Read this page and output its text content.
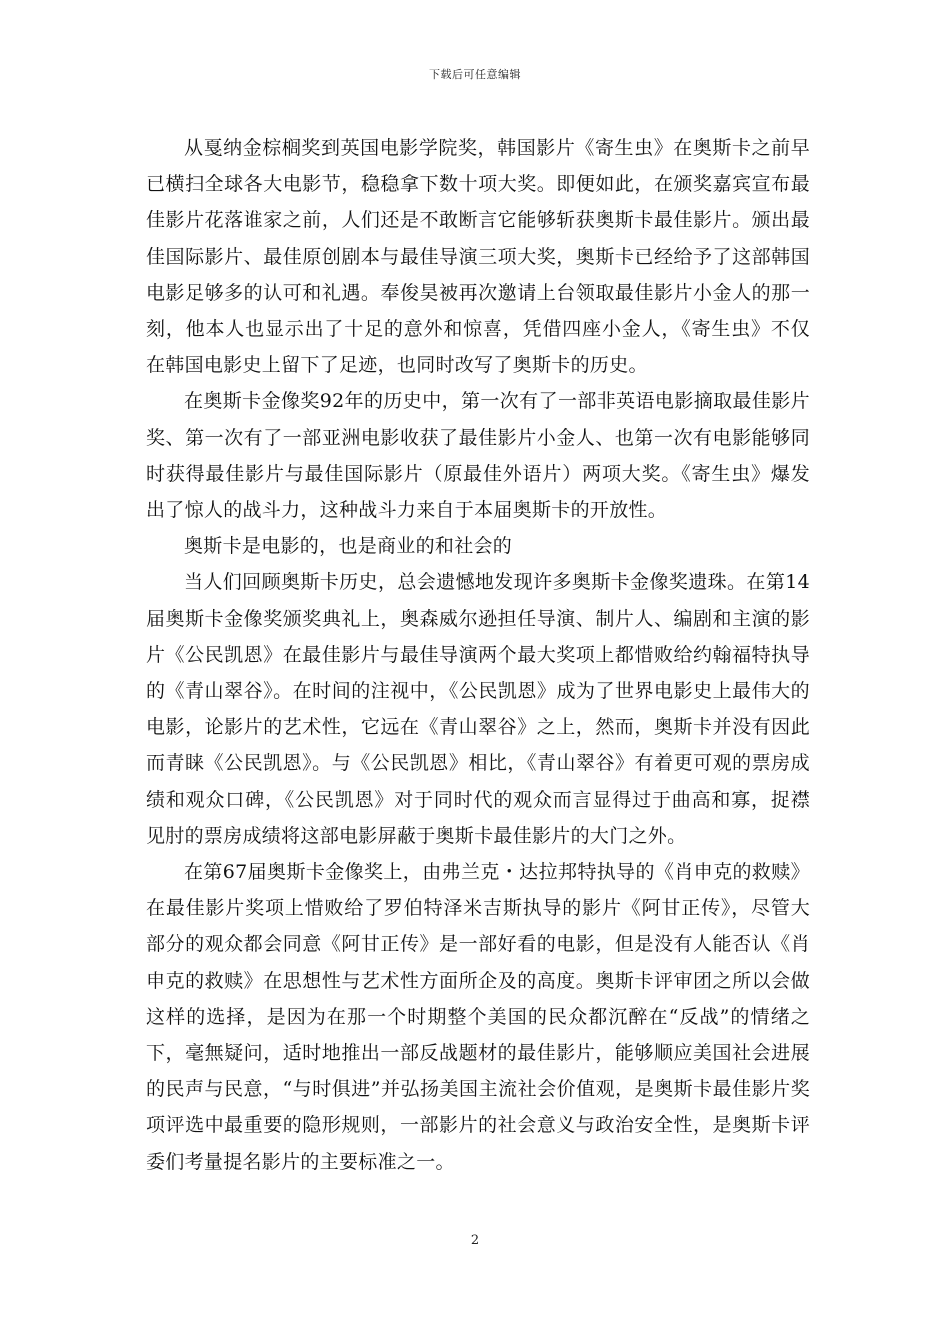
下载后可任意编辑

从戛纳金棕榈奖到英国电影学院奖，韩国影片《寄生虫》在奥斯卡之前早已横扫全球各大电影节，稳稳拿下数十项大奖。即便如此，在颁奖嘉宾宣布最佳影片花落谁家之前，人们还是不敢断言它能够斩获奥斯卡最佳影片。颁出最佳国际影片、最佳原创剧本与最佳导演三项大奖，奥斯卡已经给予了这部韩国电影足够多的认可和礼遇。奉俊昊被再次邀请上台领取最佳影片小金人的那一刻，他本人也显示出了十足的意外和惊喜，凭借四座小金人，《寄生虫》不仅在韩国电影史上留下了足迹，也同时改写了奥斯卡的历史。

在奥斯卡金像奖92年的历史中，第一次有了一部非英语电影摘取最佳影片奖、第一次有了一部亚洲电影收获了最佳影片小金人、也第一次有电影能够同时获得最佳影片与最佳国际影片（原最佳外语片）两项大奖。《寄生虫》爆发出了惊人的战斗力，这种战斗力来自于本届奥斯卡的开放性。

奥斯卡是电影的，也是商业的和社会的

当人们回顾奥斯卡历史，总会遗憾地发现许多奥斯卡金像奖遗珠。在第14届奥斯卡金像奖颁奖典礼上，奥森威尔逊担任导演、制片人、编剧和主演的影片《公民凯恩》在最佳影片与最佳导演两个最大奖项上都惜败给约翰福特执导的《青山翠谷》。在时间的注视中，《公民凯恩》成为了世界电影史上最伟大的电影，论影片的艺术性，它远在《青山翠谷》之上，然而，奥斯卡并没有因此而青睐《公民凯恩》。与《公民凯恩》相比，《青山翠谷》有着更可观的票房成绩和观众口碑，《公民凯恩》对于同时代的观众而言显得过于曲高和寡，捉襟见肘的票房成绩将这部电影屏蔽于奥斯卡最佳影片的大门之外。

在第67届奥斯卡金像奖上，由弗兰克・达拉邦特执导的《肖申克的救赎》在最佳影片奖项上惜败给了罗伯特泽米吉斯执导的影片《阿甘正传》，尽管大部分的观众都会同意《阿甘正传》是一部好看的电影，但是没有人能否认《肖申克的救赎》在思想性与艺术性方面所企及的高度。奥斯卡评审团之所以会做这样的选择，是因为在那一个时期整个美国的民众都沉醉在“反战”的情绪之下，毫無疑问，适时地推出一部反战题材的最佳影片，能够顺应美国社会进展的民声与民意，“与时俱进”并弘扬美国主流社会价值观，是奥斯卡最佳影片奖项评选中最重要的隐形规则，一部影片的社会意义与政治安全性，是奥斯卡评委们考量提名影片的主要标准之一。

2
